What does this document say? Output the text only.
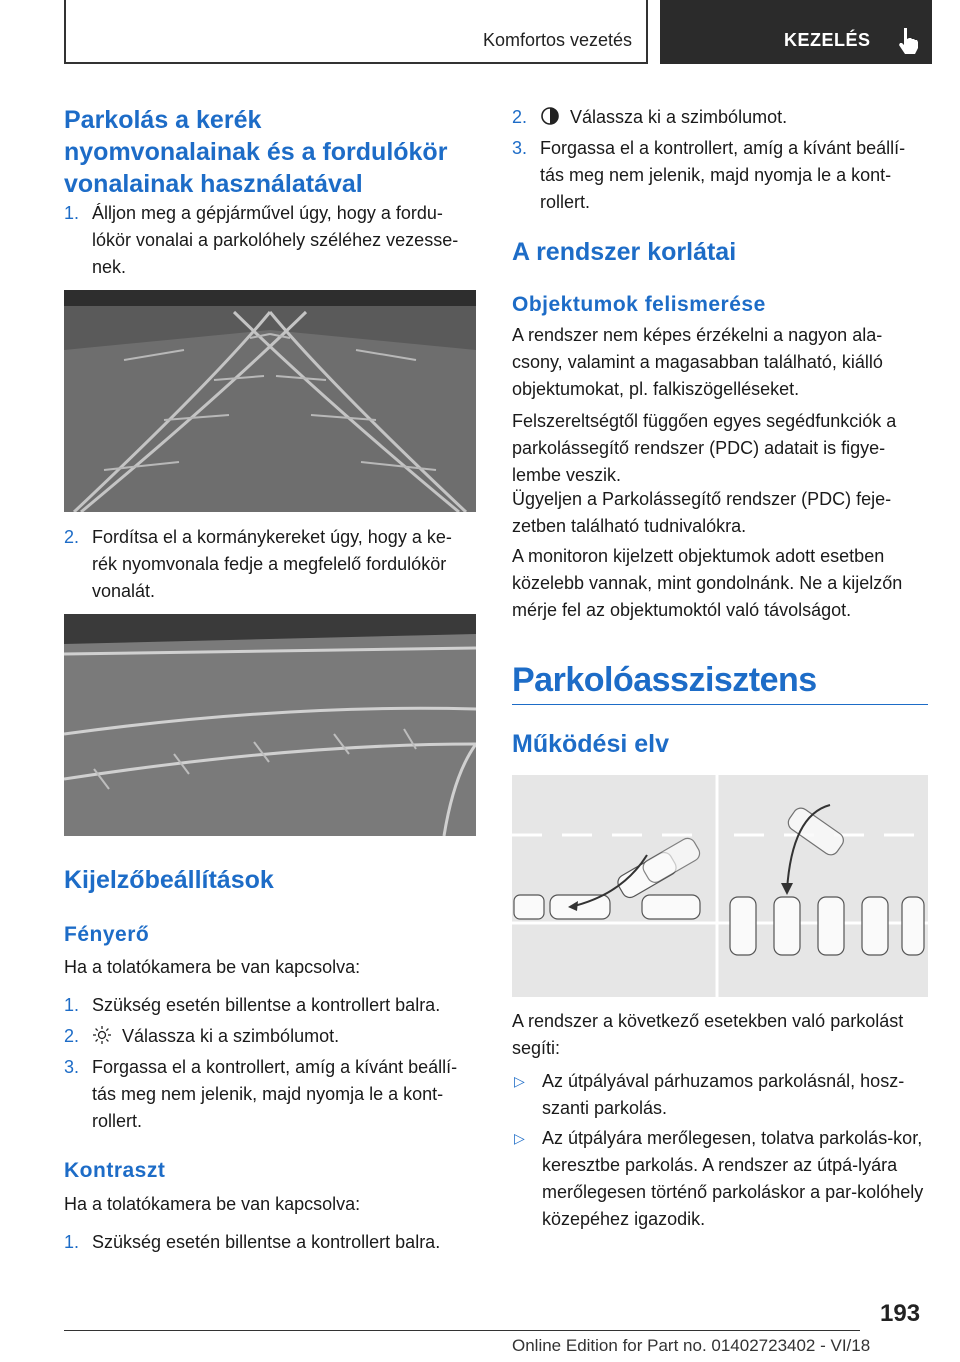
Komfortos vezetés	KEZELÉS
Parkolás a kerék
nyomvonalainak és a fordulókör
vonalainak használatával
1. Álljon meg a gépjárművel úgy, hogy a fordu-lókör vonalai a parkolóhely széléhez vezesse-nek.
2. Fordítsa el a kormánykereket úgy, hogy a ke-rék nyomvonala fedje a megfelelő fordulókör vonalát.
Kijelzőbeállítások
Fényerő

Ha a tolatókamera be van kapcsolva:

1. Szükség esetén billentse a kontrollert balra.
2.	Válassza ki a szimbólumot.
3. Forgassa el a kontrollert, amíg a kívánt beállí-tás meg nem jelenik, majd nyomja le a kont-rollert.
Kontraszt

Ha a tolatókamera be van kapcsolva:

1. Szükség esetén billentse a kontrollert balra.
2.	Válassza ki a szimbólumot.
3. Forgassa el a kontrollert, amíg a kívánt beállí-tás meg nem jelenik, majd nyomja le a kont-rollert.
A rendszer korlátai
Objektumok felismerése

A rendszer nem képes érzékelni a nagyon ala-csony, valamint a magasabban található, kiálló objektumokat, pl. falkiszögelléseket.

Felszereltségtől függően egyes segédfunkciók a parkolássegítő rendszer (PDC) adatait is figye-lembe veszik.

Ügyeljen a Parkolássegítő rendszer (PDC) feje-zetben található tudnivalókra.

A monitoron kijelzett objektumok adott esetben közelebb vannak, mint gondolnánk. Ne a kijelzőn mérje fel az objektumoktól való távolságot.

Parkolóasszisztens
Működési elv

A rendszer a következő esetekben való parkolást segíti:

▷ Az útpályával párhuzamos parkolásnál, hosz-szanti parkolás.
▷ Az útpályára merőlegesen, tolatva parkolás-kor, keresztbe parkolás. A rendszer az útpá-lyára merőlegesen történő parkoláskor a par-kolóhely közepéhez igazodik.
193
Online Edition for Part no. 01402723402 - VI/18
